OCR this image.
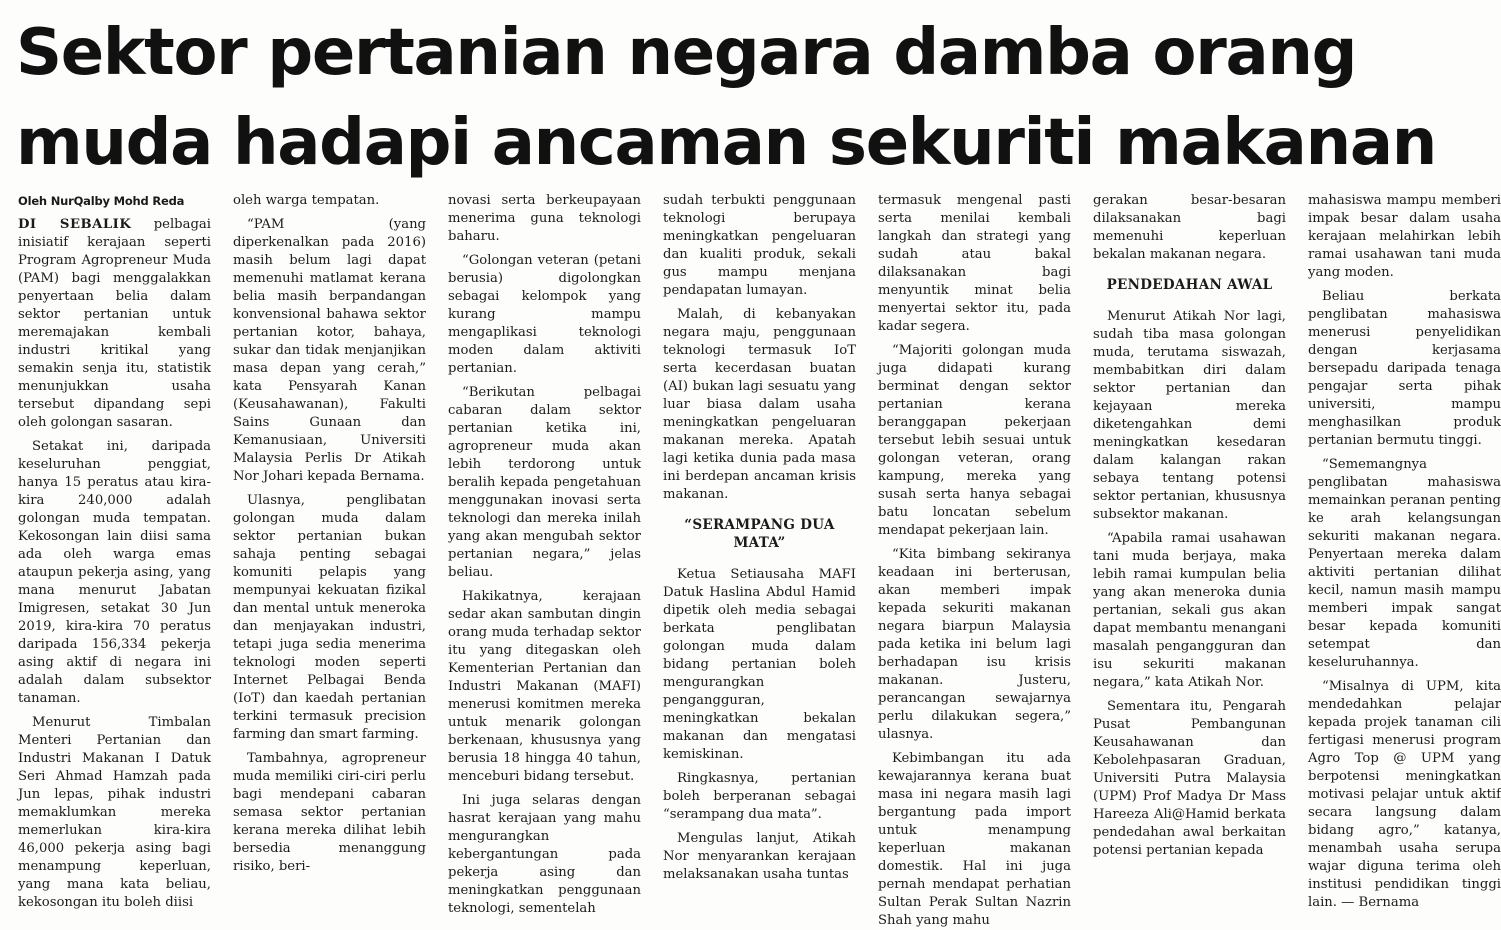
Sektor pertanian negara damba orang
muda hadapi ancaman sekuriti makanan

Oleh NurQalby Mohd Reda

DI SEBALIK pelbagai inisiatif kerajaan seperti Program Agropreneur Muda (PAM) bagi menggalakkan penyertaan belia dalam sektor pertanian untuk meremajakan kembali industri kritikal yang semakin senja itu, statistik menunjukkan usaha tersebut dipandang sepi oleh golongan sasaran.

Setakat ini, daripada keseluruhan penggiat, hanya 15 peratus atau kira-kira 240,000 adalah golongan muda tempatan. Kekosongan lain diisi sama ada oleh warga emas ataupun pekerja asing, yang mana menurut Jabatan Imigresen, setakat 30 Jun 2019, kira-kira 70 peratus daripada 156,334 pekerja asing aktif di negara ini adalah dalam subsektor tanaman.

Menurut Timbalan Menteri Pertanian dan Industri Makanan I Datuk Seri Ahmad Hamzah pada Jun lepas, pihak industri memaklumkan mereka memerlukan kira-kira 46,000 pekerja asing bagi menampung keperluan, yang mana kata beliau, kekosongan itu boleh diisi

oleh warga tempatan.

“PAM (yang diperkenalkan pada 2016) masih belum lagi dapat memenuhi matlamat kerana belia masih berpandangan konvensional bahawa sektor pertanian kotor, bahaya, sukar dan tidak menjanjikan masa depan yang cerah,” kata Pensyarah Kanan (Keusahawanan), Fakulti Sains Gunaan dan Kemanusiaan, Universiti Malaysia Perlis Dr Atikah Nor Johari kepada Bernama.

Ulasnya, penglibatan golongan muda dalam sektor pertanian bukan sahaja penting sebagai komuniti pelapis yang mempunyai kekuatan fizikal dan mental untuk meneroka dan menjayakan industri, tetapi juga sedia menerima teknologi moden seperti Internet Pelbagai Benda (IoT) dan kaedah pertanian terkini termasuk precision farming dan smart farming.

Tambahnya, agropreneur muda memiliki ciri-ciri perlu bagi mendepani cabaran semasa sektor pertanian kerana mereka dilihat lebih bersedia menanggung risiko, beri-

novasi serta berkeupayaan menerima guna teknologi baharu.

“Golongan veteran (petani berusia) digolongkan sebagai kelompok yang kurang mampu mengaplikasi teknologi moden dalam aktiviti pertanian.

“Berikutan pelbagai cabaran dalam sektor pertanian ketika ini, agropreneur muda akan lebih terdorong untuk beralih kepada pengetahuan menggunakan inovasi serta teknologi dan mereka inilah yang akan mengubah sektor pertanian negara,” jelas beliau.

Hakikatnya, kerajaan sedar akan sambutan dingin orang muda terhadap sektor itu yang ditegaskan oleh Kementerian Pertanian dan Industri Makanan (MAFI) menerusi komitmen mereka untuk menarik golongan berkenaan, khususnya yang berusia 18 hingga 40 tahun, menceburi bidang tersebut.

Ini juga selaras dengan hasrat kerajaan yang mahu mengurangkan kebergantungan pada pekerja asing dan meningkatkan penggunaan teknologi, sementelah

sudah terbukti penggunaan teknologi berupaya meningkatkan pengeluaran dan kualiti produk, sekali gus mampu menjana pendapatan lumayan.

Malah, di kebanyakan negara maju, penggunaan teknologi termasuk IoT serta kecerdasan buatan (AI) bukan lagi sesuatu yang luar biasa dalam usaha meningkatkan pengeluaran makanan mereka. Apatah lagi ketika dunia pada masa ini berdepan ancaman krisis makanan.

“SERAMPANG DUA MATA”

Ketua Setiausaha MAFI Datuk Haslina Abdul Hamid dipetik oleh media sebagai berkata penglibatan golongan muda dalam bidang pertanian boleh mengurangkan pengangguran, meningkatkan bekalan makanan dan mengatasi kemiskinan.

Ringkasnya, pertanian boleh berperanan sebagai “serampang dua mata”.

Mengulas lanjut, Atikah Nor menyarankan kerajaan melaksanakan usaha tuntas

termasuk mengenal pasti serta menilai kembali langkah dan strategi yang sudah atau bakal dilaksanakan bagi menyuntik minat belia menyertai sektor itu, pada kadar segera.

“Majoriti golongan muda juga didapati kurang berminat dengan sektor pertanian kerana beranggapan pekerjaan tersebut lebih sesuai untuk golongan veteran, orang kampung, mereka yang susah serta hanya sebagai batu loncatan sebelum mendapat pekerjaan lain.

“Kita bimbang sekiranya keadaan ini berterusan, akan memberi impak kepada sekuriti makanan negara biarpun Malaysia pada ketika ini belum lagi berhadapan isu krisis makanan. Justeru, perancangan sewajarnya perlu dilakukan segera,” ulasnya.

Kebimbangan itu ada kewajarannya kerana buat masa ini negara masih lagi bergantung pada import untuk menampung keperluan makanan domestik. Hal ini juga pernah mendapat perhatian Sultan Perak Sultan Nazrin Shah yang mahu

gerakan besar-besaran dilaksanakan bagi memenuhi keperluan bekalan makanan negara.

PENDEDAHAN AWAL

Menurut Atikah Nor lagi, sudah tiba masa golongan muda, terutama siswazah, membabitkan diri dalam sektor pertanian dan kejayaan mereka diketengahkan demi meningkatkan kesedaran dalam kalangan rakan sebaya tentang potensi sektor pertanian, khususnya subsektor makanan.

“Apabila ramai usahawan tani muda berjaya, maka lebih ramai kumpulan belia yang akan meneroka dunia pertanian, sekali gus akan dapat membantu menangani masalah pengangguran dan isu sekuriti makanan negara,” kata Atikah Nor.

Sementara itu, Pengarah Pusat Pembangunan Keusahawanan dan Kebolehpasaran Graduan, Universiti Putra Malaysia (UPM) Prof Madya Dr Mass Hareeza Ali@Hamid berkata pendedahan awal berkaitan potensi pertanian kepada

mahasiswa mampu memberi impak besar dalam usaha kerajaan melahirkan lebih ramai usahawan tani muda yang moden.

Beliau berkata penglibatan mahasiswa menerusi penyelidikan dengan kerjasama bersepadu daripada tenaga pengajar serta pihak universiti, mampu menghasilkan produk pertanian bermutu tinggi.

“Sememangnya penglibatan mahasiswa memainkan peranan penting ke arah kelangsungan sekuriti makanan negara. Penyertaan mereka dalam aktiviti pertanian dilihat kecil, namun masih mampu memberi impak sangat besar kepada komuniti setempat dan keseluruhannya.

“Misalnya di UPM, kita mendedahkan pelajar kepada projek tanaman cili fertigasi menerusi program Agro Top @ UPM yang berpotensi meningkatkan motivasi pelajar untuk aktif secara langsung dalam bidang agro,” katanya, menambah usaha serupa wajar diguna terima oleh institusi pendidikan tinggi lain. — Bernama
